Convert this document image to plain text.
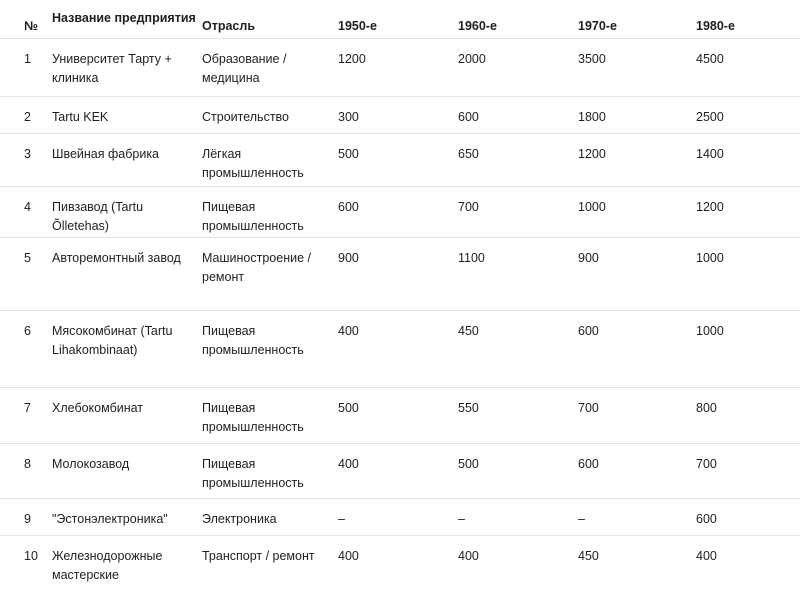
№	Название предприятия	Отрасль	1950-е	1960-е	1970-е	1980-е
1	Университет Тарту + клиника	Образование / медицина	1200	2000	3500	4500
2	Tartu KEK	Строительство	300	600	1800	2500
3	Швейная фабрика	Лёгкая промышленность	500	650	1200	1400
4	Пивзавод (Tartu Õlletehas)	Пищевая промышленность	600	700	1000	1200
5	Авторемонтный завод	Машиностроение / ремонт	900	1100	900	1000
6	Мясокомбинат (Tartu Lihakombinaat)	Пищевая промышленность	400	450	600	1000
7	Хлебокомбинат	Пищевая промышленность	500	550	700	800
8	Молокозавод	Пищевая промышленность	400	500	600	700
9	"Эстонэлектроника"	Электроника	–	–	–	600
10	Железнодорожные мастерские	Транспорт / ремонт	400	400	450	400
